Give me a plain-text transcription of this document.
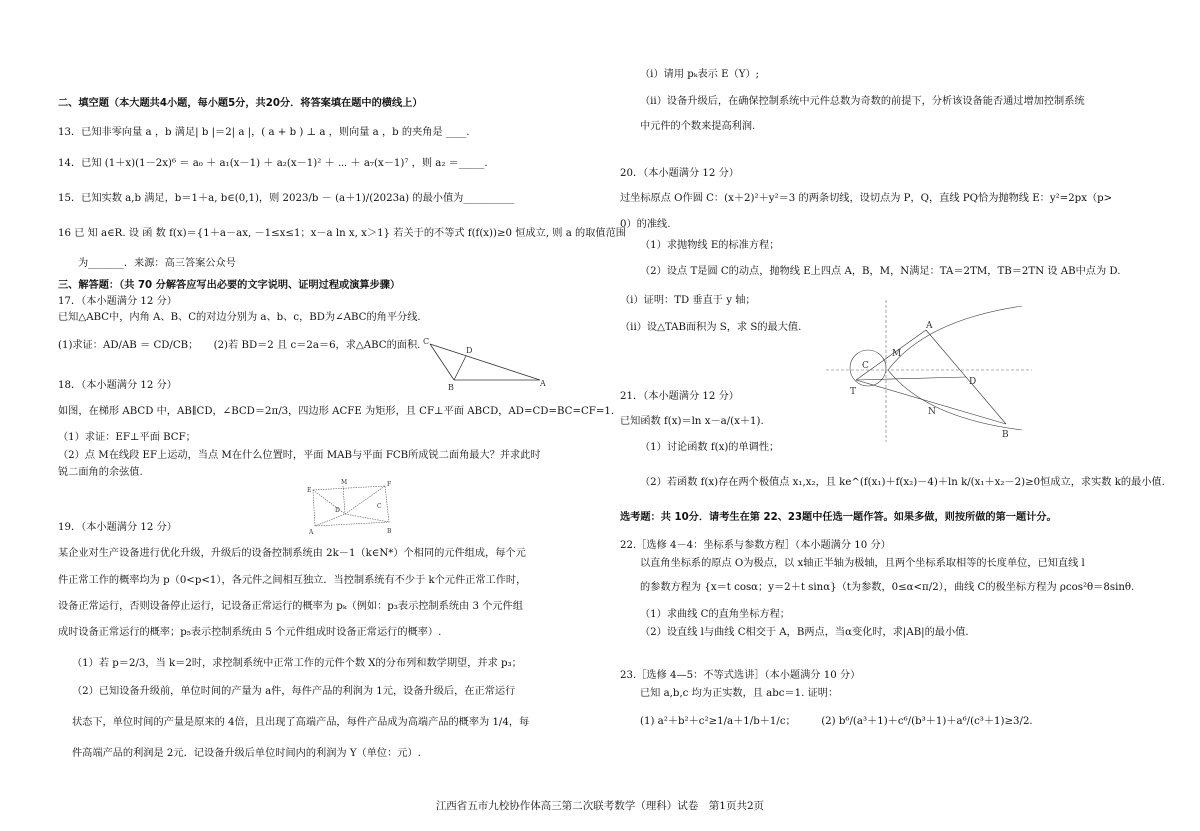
二、填空题（本大题共4小题，每小题5分，共20分．将答案填在题中的横线上）
13．已知非零向量 a ，b 满足| b |＝2| a |，( a + b ) ⊥ a ，则向量 a ，b 的夹角是 ____.
14．已知 (1＋x)(1－2x)⁶ ＝ a₀ ＋ a₁(x－1) ＋ a₂(x－1)² ＋ ⋯ ＋ a₇(x－1)⁷ ，则 a₂ ＝_____.
15．已知实数 a,b 满足，b＝1＋a, b∈(0,1)，则 2023/b － (a＋1)/(2023a) 的最小值为__________
16 已 知 a∈R. 设 函 数 f(x)＝{1＋a－ax, －1≤x≤1；x－a ln x, x＞1} 若关于的不等式 f(f(x))≥0 恒成立, 则 a 的取值范围
为_______．来源：高三答案公众号
三、解答题：（共 70 分解答应写出必要的文字说明、证明过程或演算步骤）
17．（本小题满分 12 分）
已知△ABC中，内角 A、B、C的对边分别为 a、b、c，BD为∠ABC的角平分线.
(1)求证：AD/AB ＝ CD/CB；　　(2)若 BD＝2 且 c＝2a＝6，求△ABC的面积.
18．（本小题满分 12 分）
如图，在梯形 ABCD 中，AB∥CD，∠BCD＝2π/3，四边形 ACFE 为矩形，且 CF⊥平面 ABCD，AD=CD=BC=CF=1.
（1）求证：EF⊥平面 BCF；
（2）点 M在线段 EF上运动，当点 M在什么位置时，平面 MAB与平面 FCB所成锐二面角最大？并求此时
锐二面角的余弦值.
19．（本小题满分 12 分）
某企业对生产设备进行优化升级，升级后的设备控制系统由 2k－1（k∈N*）个相同的元件组成，每个元
件正常工作的概率均为 p（0<p<1），各元件之间相互独立．当控制系统有不少于 k个元件正常工作时，
设备正常运行，否则设备停止运行，记设备正常运行的概率为 pₖ（例如：p₃表示控制系统由 3 个元件组
成时设备正常运行的概率；p₅表示控制系统由 5 个元件组成时设备正常运行的概率）.
（1）若 p＝2/3，当 k＝2时，求控制系统中正常工作的元件个数 X的分布列和数学期望，并求 p₃；
（2）已知设备升级前，单位时间的产量为 a件，每件产品的利润为 1元，设备升级后，在正常运行
状态下，单位时间的产量是原来的 4倍，且出现了高端产品，每件产品成为高端产品的概率为 1/4，每
件高端产品的利润是 2元．记设备升级后单位时间内的利润为 Y（单位：元）.
C
D
B	A
E
M	F
D
C
A	B
（ⅰ）请用 pₖ表示 E（Y）;
（ⅱ）设备升级后，在确保控制系统中元件总数为奇数的前提下，分析该设备能否通过增加控制系统
中元件的个数来提高利润.
20．（本小题满分 12 分）
过坐标原点 O作圆 C：(x＋2)²＋y²＝3 的两条切线，设切点为 P，Q，直线 PQ恰为抛物线 E：y²=2px（p>
0）的准线.
（1）求抛物线 E的标准方程；
（2）设点 T是圆 C的动点，抛物线 E上四点 A，B，M，N满足：TA＝2TM，TB＝2TN 设 AB中点为 D.
（i）证明：TD 垂直于 y 轴；
（ii）设△TAB面积为 S，求 S的最大值.
21．（本小题满分 12 分）
已知函数 f(x)＝ln x－a/(x＋1).
（1）讨论函数 f(x)的单调性；
（2）若函数 f(x)存在两个极值点 x₁,x₂，且 ke^(f(x₁)＋f(x₂)－4)＋ln k/(x₁＋x₂－2)≥0恒成立，求实数 k的最小值.
选考题：共 10分．请考生在第 22、23题中任选一题作答。如果多做，则按所做的第一题计分。
22.［选修 4－4：坐标系与参数方程］（本小题满分 10 分）
以直角坐标系的原点 O为极点，以 x轴正半轴为极轴，且两个坐标系取相等的长度单位，已知直线 l
的参数方程为 {x＝t cosα；y＝2＋t sinα}（t为参数，0≤α<π/2），曲线 C的极坐标方程为 ρcos²θ＝8sinθ.
（1）求曲线 C的直角坐标方程；
（2）设直线 l与曲线 C相交于 A，B两点，当α变化时，求|AB|的最小值.
23.［选修 4—5：不等式选讲］（本小题满分 10 分）
已知 a,b,c 均为正实数，且 abc＝1. 证明：
(1) a²＋b²＋c²≥1/a＋1/b＋1/c；　　　(2) b⁶/(a³＋1)＋c⁶/(b³＋1)＋a⁶/(c³＋1)≥3/2.
A
M
C
D
T
N
B
江西省五市九校协作体高三第二次联考数学（理科）试卷　第1页共2页
